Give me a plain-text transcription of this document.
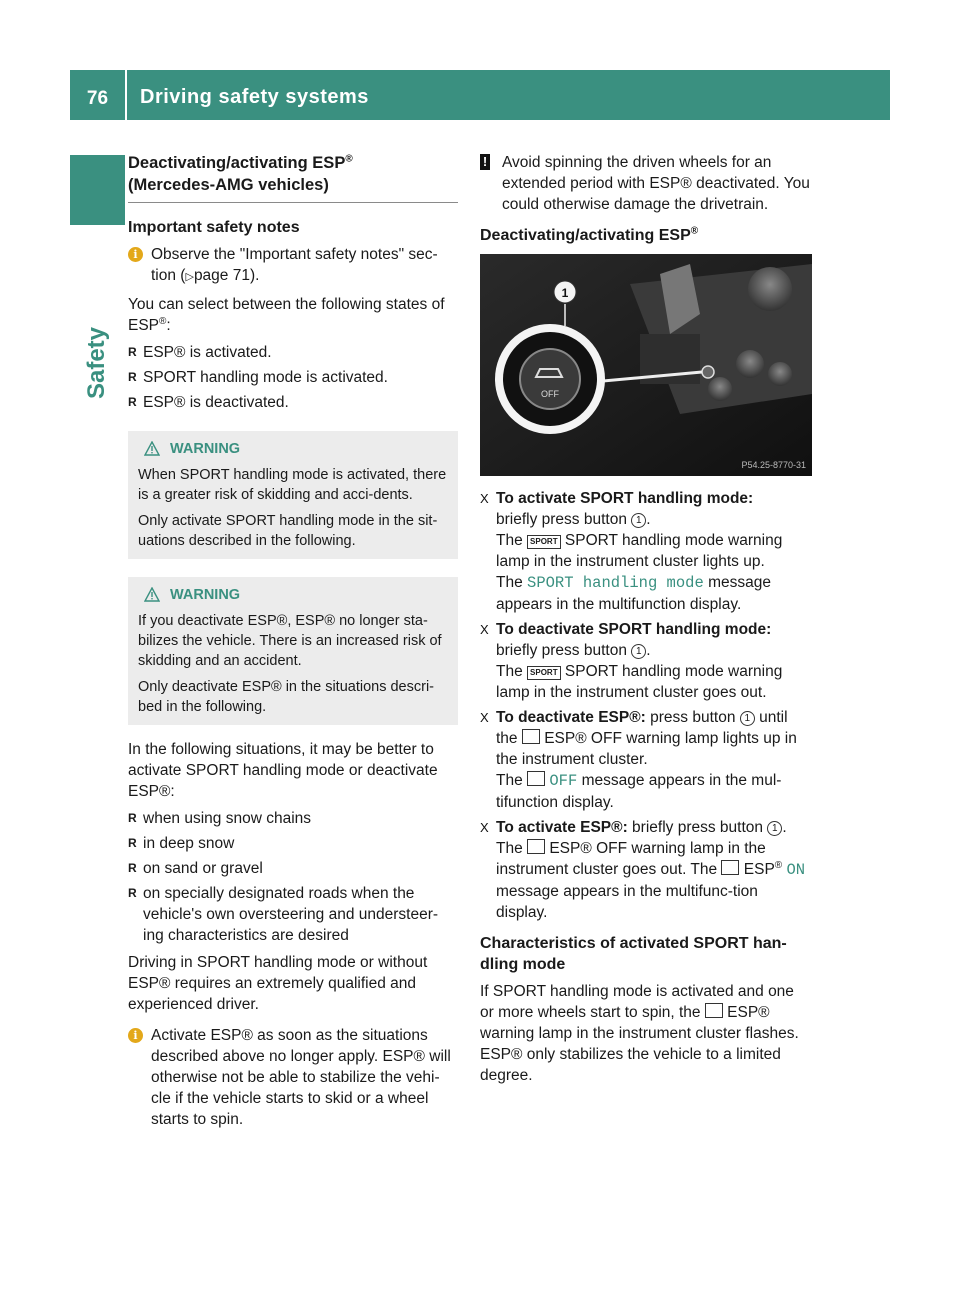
76	Driving safety systems
Safety
Deactivating/activating ESP®
(Mercedes-AMG vehicles)
Important safety notes
i Observe the "Important safety notes" sec-
tion (▷page 71).

You can select between the following states of ESP®:

R ESP® is activated.
R SPORT handling mode is activated.
R ESP® is deactivated.

WARNING

When SPORT handling mode is activated, there is a greater risk of skidding and acci-dents.

Only activate SPORT handling mode in the sit-uations described in the following.

WARNING

If you deactivate ESP®, ESP® no longer sta-bilizes the vehicle. There is an increased risk of skidding and an accident.

Only deactivate ESP® in the situations descri-bed in the following.

In the following situations, it may be better to activate SPORT handling mode or deactivate ESP®:

R when using snow chains
R in deep snow
R on sand or gravel
R on specially designated roads when the vehicle's own oversteering and understeer-ing characteristics are desired

Driving in SPORT handling mode or without ESP® requires an extremely qualified and experienced driver.

i Activate ESP® as soon as the situations described above no longer apply. ESP® will otherwise not be able to stabilize the vehi-cle if the vehicle starts to skid or a wheel starts to spin.
! Avoid spinning the driven wheels for an extended period with ESP® deactivated. You could otherwise damage the drivetrain.
Deactivating/activating ESP®
OFF
1
P54.25-8770-31
X To activate SPORT handling mode:

briefly press button 1 .

The SPORT SPORT handling mode warning lamp in the instrument cluster lights up.

The SPORT handling mode message appears in the multifunction display.

X To deactivate SPORT handling mode:

briefly press button 1 .

The SPORT SPORT handling mode warning lamp in the instrument cluster goes out.

X To deactivate ESP®: press button 1 until the ESP® OFF warning lamp lights up in the instrument cluster.

The OFF message appears in the mul-tifunction display.

X To activate ESP®: briefly press button 1 .

The ESP® OFF warning lamp in the instrument cluster goes out. The ESP® ON message appears in the multifunc-tion display.

Characteristics of activated SPORT han-dling mode

If SPORT handling mode is activated and one or more wheels start to spin, the ESP® warning lamp in the instrument cluster flashes. ESP® only stabilizes the vehicle to a limited degree.
